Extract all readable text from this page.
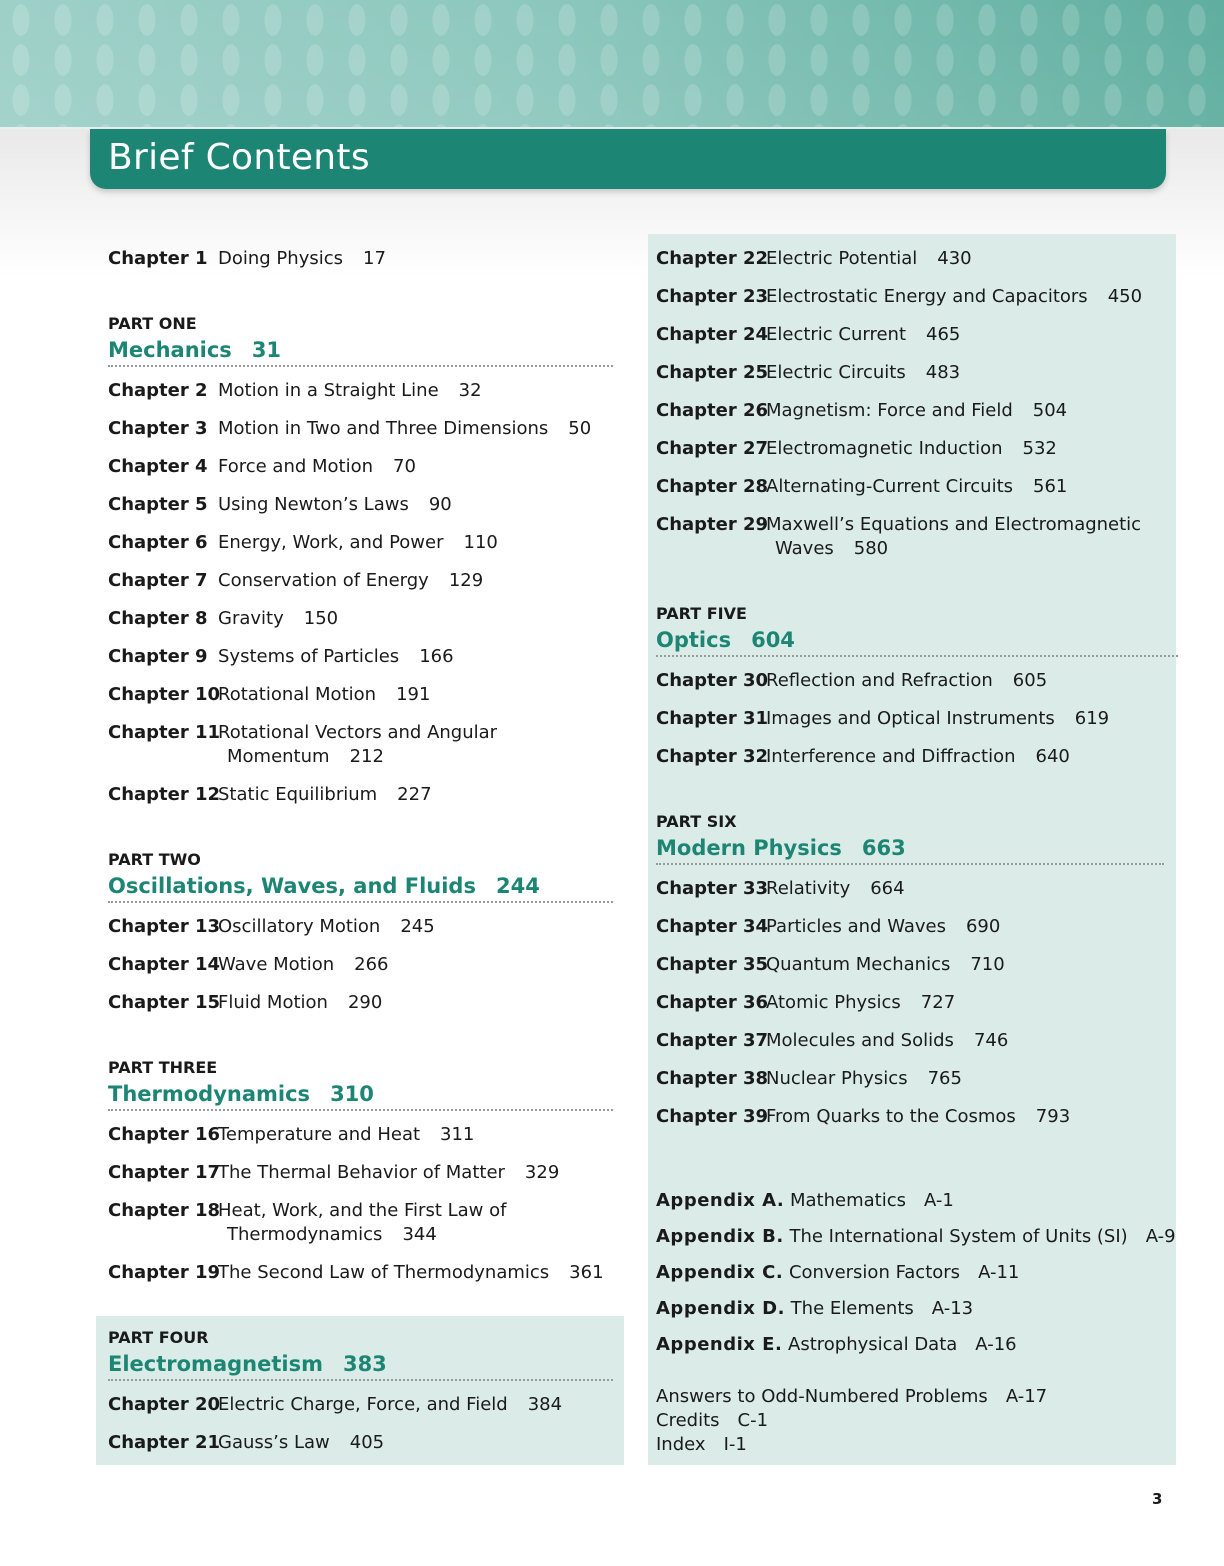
Brief Contents
Chapter 1 Doing Physics 17
PART ONE
Mechanics 31
Chapter 2 Motion in a Straight Line 32
Chapter 3 Motion in Two and Three Dimensions 50
Chapter 4 Force and Motion 70
Chapter 5 Using Newton’s Laws 90
Chapter 6 Energy, Work, and Power 110
Chapter 7 Conservation of Energy 129
Chapter 8 Gravity 150
Chapter 9 Systems of Particles 166
Chapter 10Rotational Motion 191
Chapter 11Rotational Vectors and Angular
Momentum 212
Chapter 12Static Equilibrium 227
PART TWO
Oscillations, Waves, and Fluids 244
Chapter 13Oscillatory Motion 245
Chapter 14Wave Motion 266
Chapter 15Fluid Motion 290
PART THREE
Thermodynamics 310
Chapter 16Temperature and Heat 311
Chapter 17The Thermal Behavior of Matter 329
Chapter 18Heat, Work, and the First Law of
Thermodynamics 344
Chapter 19The Second Law of Thermodynamics 361
PART FOUR
Electromagnetism 383
Chapter 20Electric Charge, Force, and Field 384
Chapter 21Gauss’s Law 405
Chapter 22Electric Potential 430
Chapter 23Electrostatic Energy and Capacitors 450
Chapter 24Electric Current 465
Chapter 25Electric Circuits 483
Chapter 26Magnetism: Force and Field 504
Chapter 27Electromagnetic Induction 532
Chapter 28Alternating-Current Circuits 561
Chapter 29Maxwell’s Equations and Electromagnetic
Waves 580
PART FIVE
Optics 604
Chapter 30Reflection and Refraction 605
Chapter 31Images and Optical Instruments 619
Chapter 32Interference and Diffraction 640
PART SIX
Modern Physics 663
Chapter 33Relativity 664
Chapter 34Particles and Waves 690
Chapter 35Quantum Mechanics 710
Chapter 36Atomic Physics 727
Chapter 37Molecules and Solids 746
Chapter 38Nuclear Physics 765
Chapter 39From Quarks to the Cosmos 793
Appendix A. Mathematics A-1
Appendix B. The International System of Units (SI) A-9
Appendix C. Conversion Factors A-11
Appendix D. The Elements A-13
Appendix E. Astrophysical Data A-16
Answers to Odd-Numbered Problems A-17
Credits C-1
Index I-1
3
